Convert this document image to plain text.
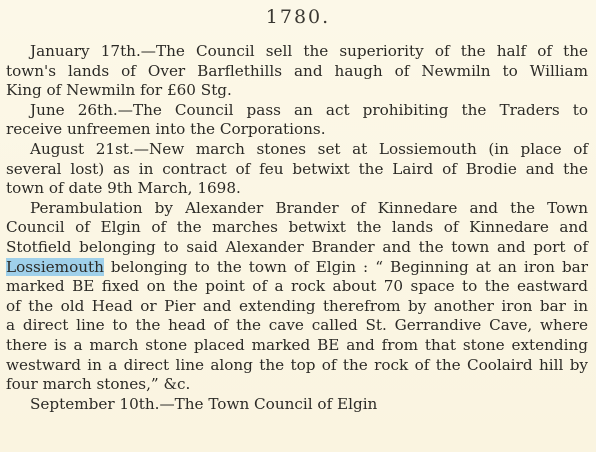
1780.
January 17th.—The Council sell the superiority of the half of the
town's lands of Over Barflethills and haugh of Newmiln to William
King of Newmiln for £60 Stg.
June 26th.—The Council pass an act prohibiting the Traders to
receive unfreemen into the Corporations.
August 21st.—New march stones set at Lossiemouth (in place of
several lost) as in contract of feu betwixt the Laird of Brodie and the
town of date 9th March, 1698.
Perambulation by Alexander Brander of Kinnedare and the Town
Council of Elgin of the marches betwixt the lands of Kinnedare and
Stotfield belonging to said Alexander Brander and the town and port of
Lossiemouth belonging to the town of Elgin : “ Beginning at an iron bar
marked BE fixed on the point of a rock about 70 space to the eastward
of the old Head or Pier and extending therefrom by another iron bar in
a direct line to the head of the cave called St. Gerrandive Cave, where
there is a march stone placed marked BE and from that stone extending
westward in a direct line along the top of the rock of the Coolaird hill by
four march stones,” &c.
September 10th.—The Town Council of Elgin
